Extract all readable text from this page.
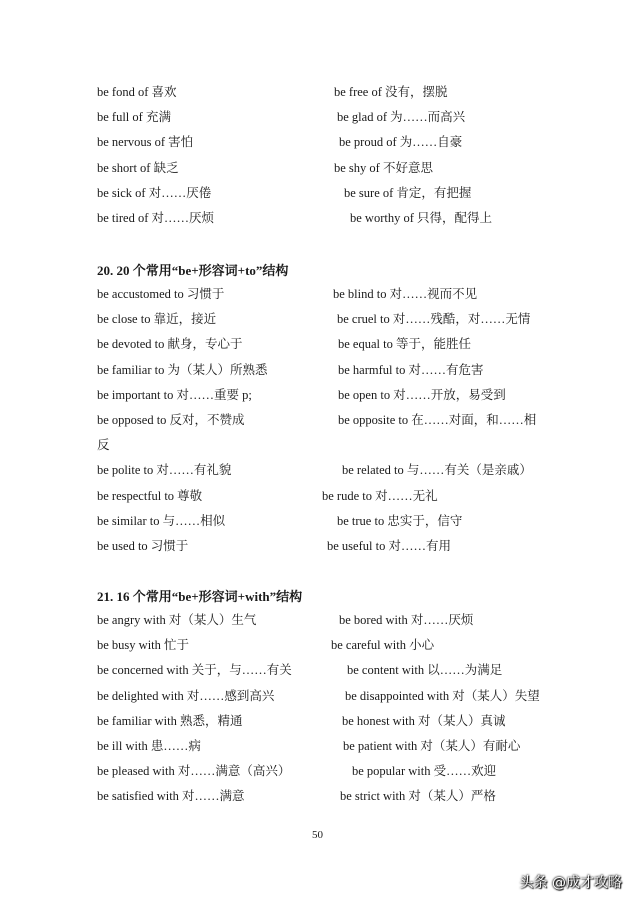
be fond of 喜欢	be free of 没有，摆脱
be full of 充满	be glad of 为……而高兴
be nervous of 害怕	be proud of 为……自豪
be short of 缺乏	be shy of 不好意思
be sick of 对……厌倦	be sure of 肯定，有把握
be tired of 对……厌烦	be worthy of 只得，配得上
20. 20 个常用“be+形容词+to”结构
be accustomed to 习惯于	be blind to 对……视而不见
be close to 靠近，接近	be cruel to 对……残酷，对……无情
be devoted to 献身，专心于	be equal to 等于，能胜任
be familiar to 为（某人）所熟悉	be harmful to 对……有危害
be important to 对……重要 p;	be open to 对……开放，易受到
be opposed to 反对，不赞成	be opposite to 在……对面，和……相
反
be polite to 对……有礼貌	be related to 与……有关（是亲戚）
be respectful to 尊敬	be rude to 对……无礼
be similar to 与……相似	be true to 忠实于，信守
be used to 习惯于	be useful to 对……有用
21. 16 个常用“be+形容词+with”结构
be angry with 对（某人）生气	be bored with 对……厌烦
be busy with 忙于	be careful with 小心
be concerned with 关于，与……有关	be content with 以……为满足
be delighted with 对……感到高兴	be disappointed with 对（某人）失望
be familiar with 熟悉，精通	be honest with 对（某人）真诚
be ill with 患……病	be patient with 对（某人）有耐心
be pleased with 对……满意（高兴）	be popular with 受……欢迎
be satisfied with 对……满意	be strict with 对（某人）严格
50
头条 @成才攻略
